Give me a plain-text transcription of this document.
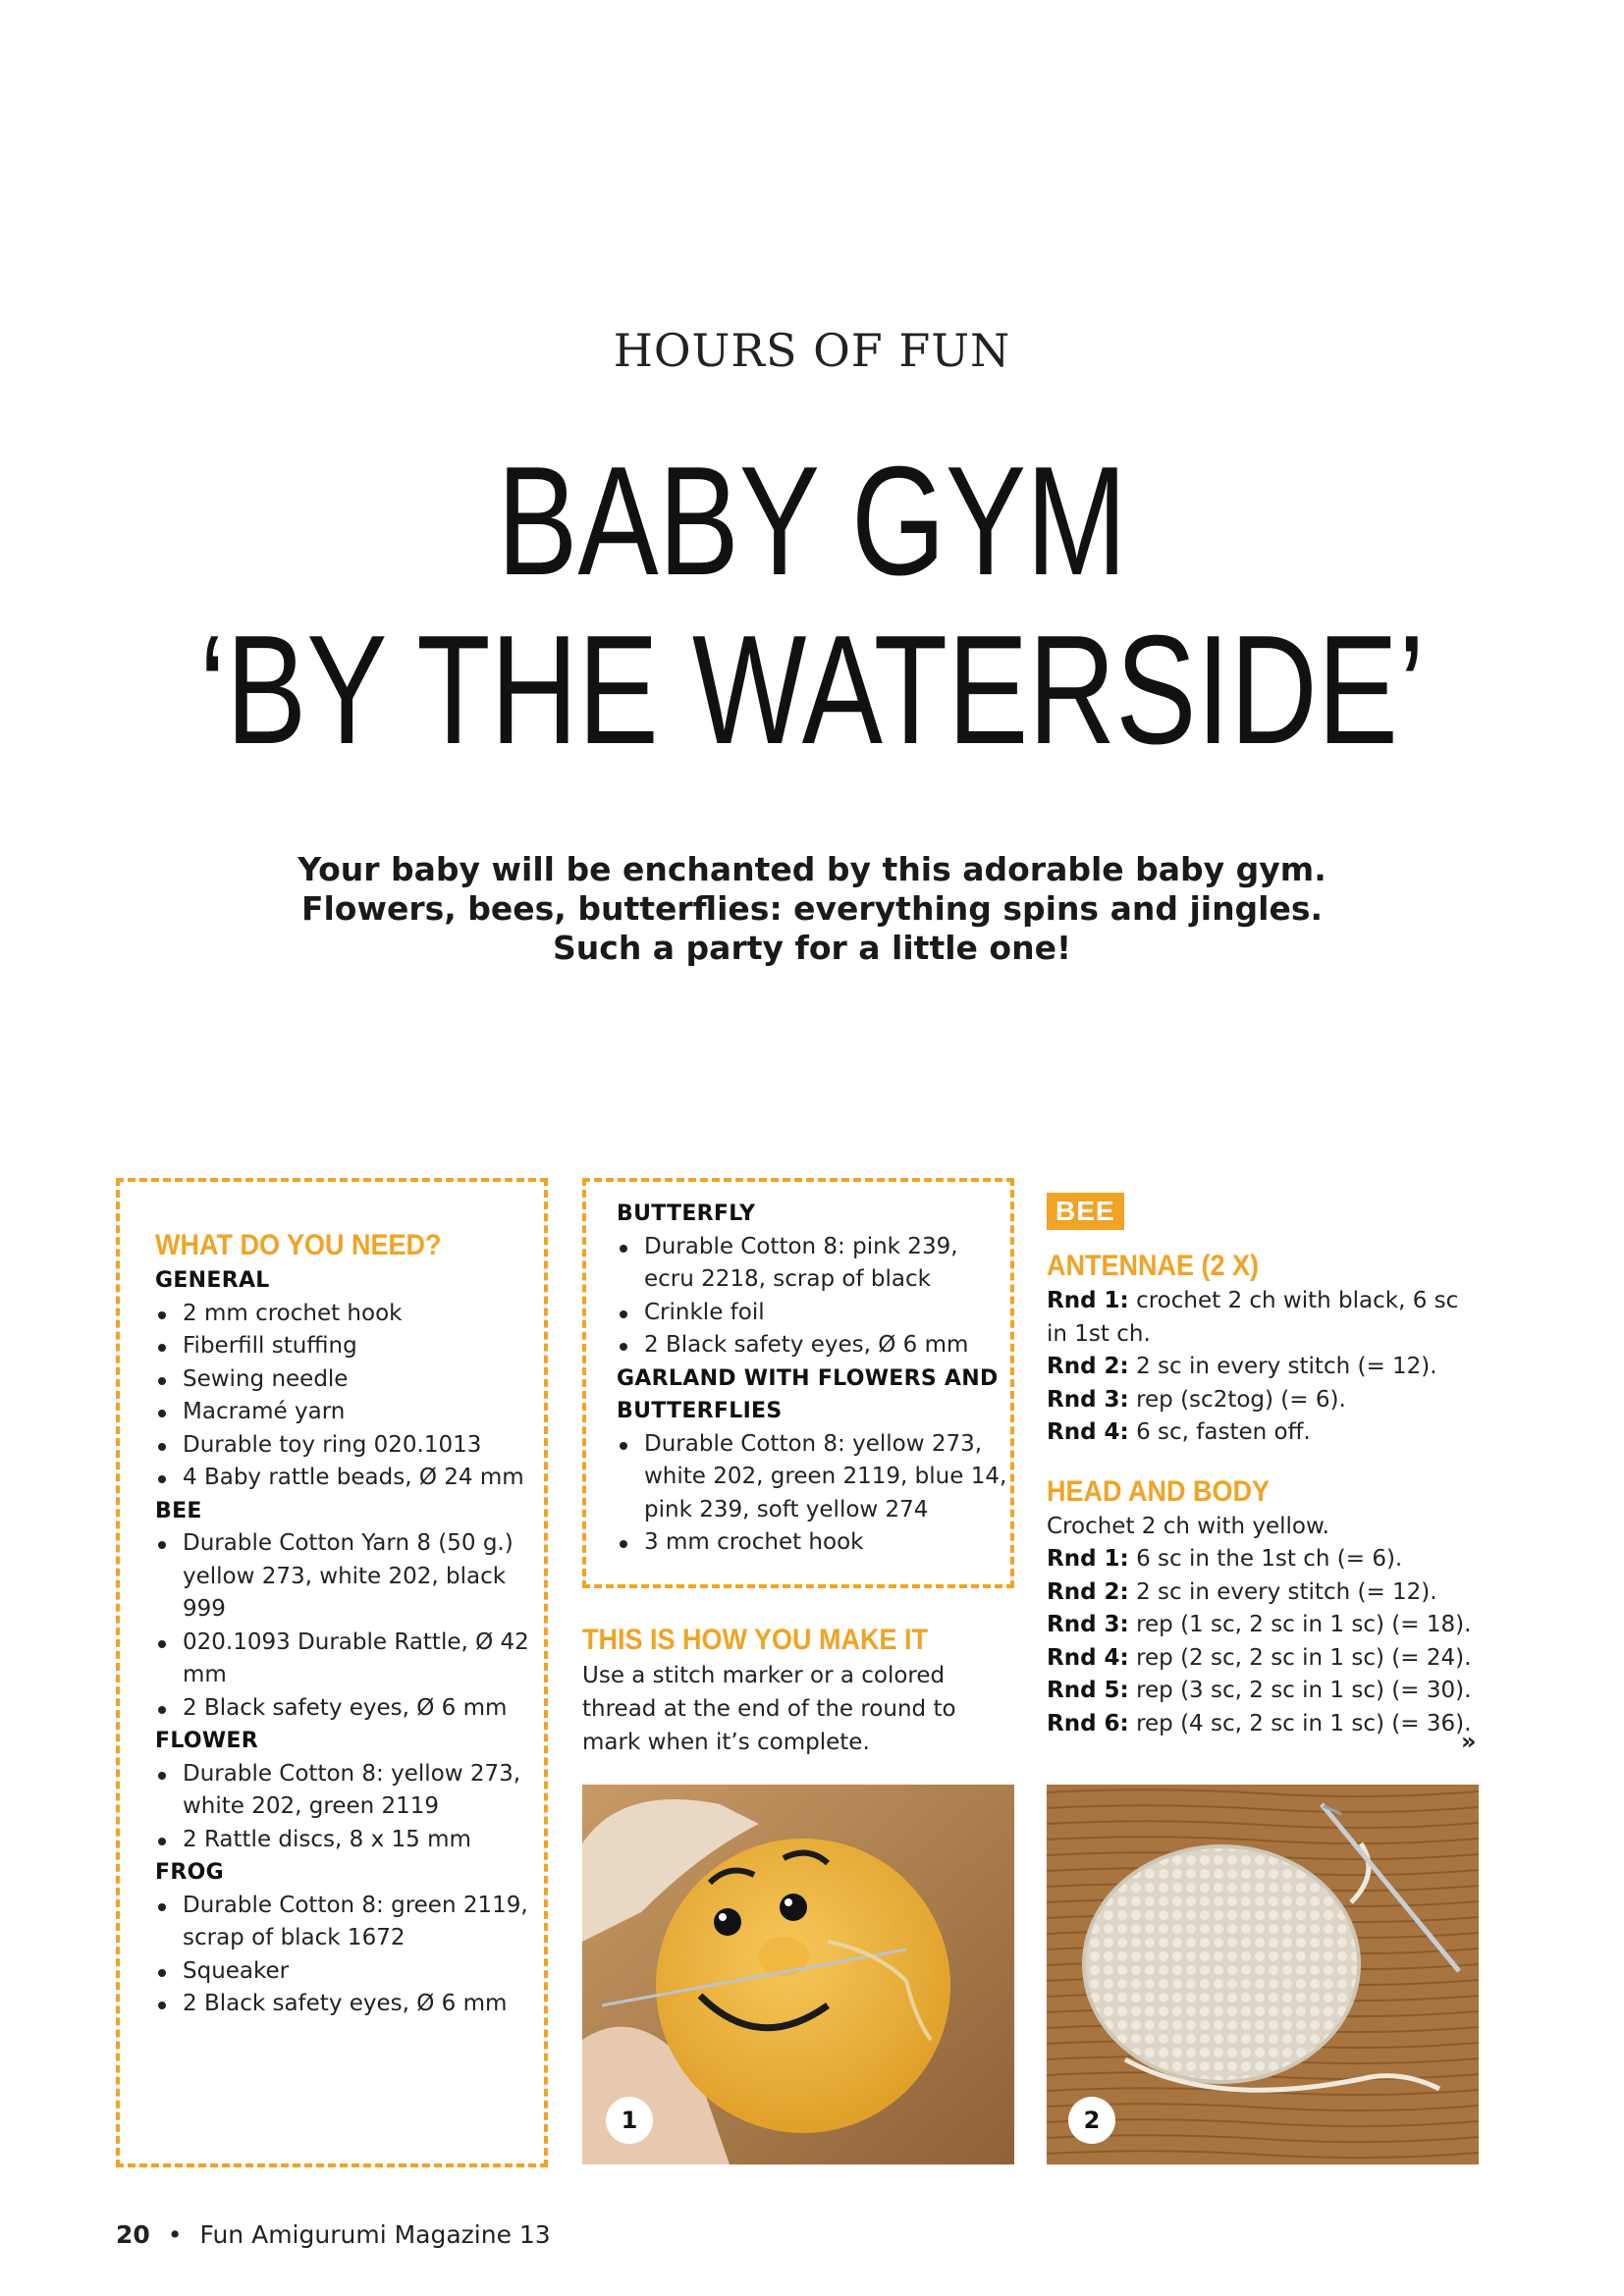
HOURS OF FUN
BABY GYM
‘BY THE WATERSIDE’
Your baby will be enchanted by this adorable baby gym.
Flowers, bees, butterflies: everything spins and jingles.
Such a party for a little one!
WHAT DO YOU NEED?
GENERAL
2 mm crochet hook
Fiberfill stuffing
Sewing needle
Macramé yarn
Durable toy ring 020.1013
4 Baby rattle beads, Ø 24 mm
BEE
Durable Cotton Yarn 8 (50 g.) yellow 273, white 202, black 999
020.1093 Durable Rattle, Ø 42 mm
2 Black safety eyes, Ø 6 mm
FLOWER
Durable Cotton 8: yellow 273, white 202, green 2119
2 Rattle discs, 8 x 15 mm
FROG
Durable Cotton 8: green 2119, scrap of black 1672
Squeaker
2 Black safety eyes, Ø 6 mm
BUTTERFLY
Durable Cotton 8: pink 239, ecru 2218, scrap of black
Crinkle foil
2 Black safety eyes, Ø 6 mm
GARLAND WITH FLOWERS AND BUTTERFLIES
Durable Cotton 8: yellow 273, white 202, green 2119, blue 14, pink 239, soft yellow 274
3 mm crochet hook
THIS IS HOW YOU MAKE IT
Use a stitch marker or a colored thread at the end of the round to mark when it’s complete.
BEE
ANTENNAE (2 X)
Rnd 1: crochet 2 ch with black, 6 sc in 1st ch.
Rnd 2: 2 sc in every stitch (= 12).
Rnd 3: rep (sc2tog) (= 6).
Rnd 4: 6 sc, fasten off.
HEAD AND BODY
Crochet 2 ch with yellow.
Rnd 1: 6 sc in the 1st ch (= 6).
Rnd 2: 2 sc in every stitch (= 12).
Rnd 3: rep (1 sc, 2 sc in 1 sc) (= 18).
Rnd 4: rep (2 sc, 2 sc in 1 sc) (= 24).
Rnd 5: rep (3 sc, 2 sc in 1 sc) (= 30).
Rnd 6: rep (4 sc, 2 sc in 1 sc) (= 36).
»
1	2
20 • Fun Amigurumi Magazine 13
